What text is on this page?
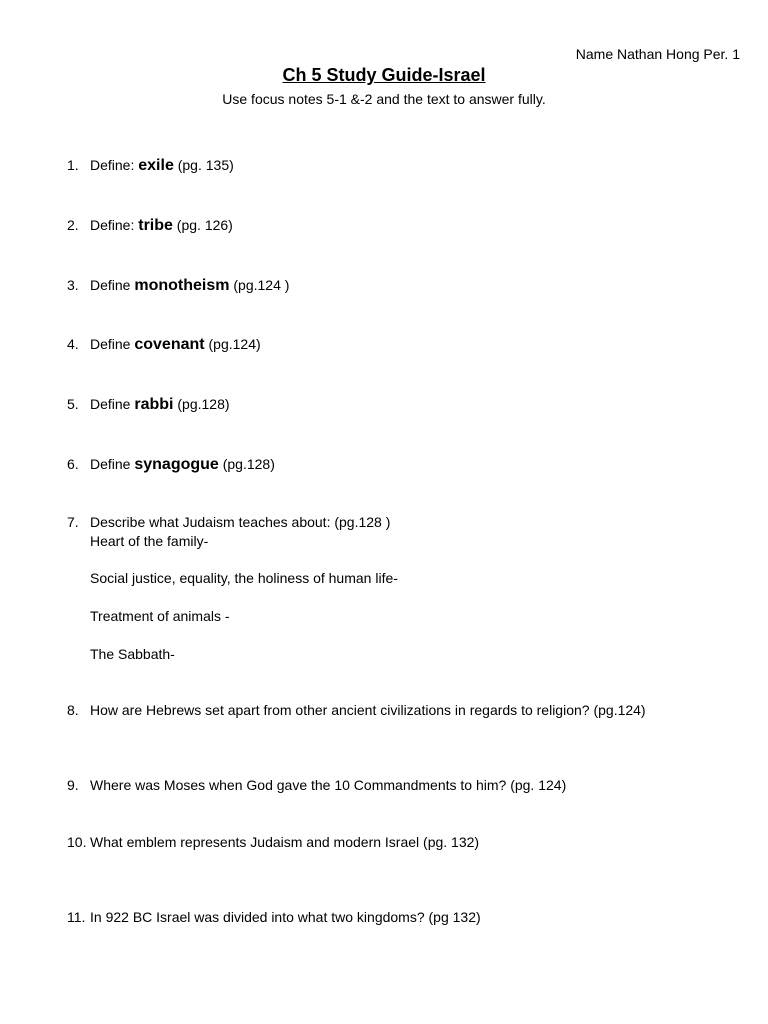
Name Nathan Hong Per. 1
Ch 5 Study Guide-Israel
Use focus notes 5-1 &-2 and the text to answer fully.
1. Define: exile (pg. 135)
2. Define: tribe (pg. 126)
3. Define monotheism (pg.124 )
4. Define covenant (pg.124)
5. Define rabbi (pg.128)
6. Define synagogue (pg.128)
7. Describe what Judaism teaches about: (pg.128 )
Heart of the family-
Social justice, equality, the holiness of human life-
Treatment of animals -
The Sabbath-
8. How are Hebrews set apart from other ancient civilizations in regards to religion? (pg.124)
9. Where was Moses when God gave the 10 Commandments to him? (pg. 124)
10. What emblem represents Judaism and modern Israel (pg. 132)
11. In 922 BC Israel was divided into what two kingdoms? (pg 132)
